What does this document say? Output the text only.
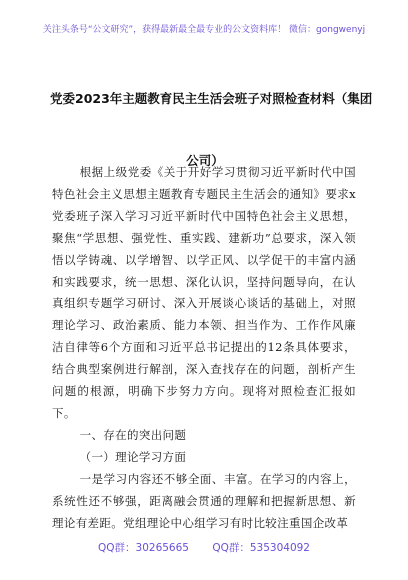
关注头条号“公文研究”，获得最新最全最专业的公文资料库！ 微信：gongwenyj
党委2023年主题教育民主生活会班子对照检查材料（集团
公司）

根据上级党委《关于开好学习贯彻习近平新时代中国特色社会主义思想主题教育专题民主生活会的通知》要求x党委班子深入学习习近平新时代中国特色社会主义思想，聚焦“学思想、强党性、重实践、建新功”总要求，深入领悟以学铸魂、以学增智、以学正风、以学促干的丰富内涵和实践要求，统一思想、深化认识，坚持问题导向，在认真组织专题学习研讨、深入开展谈心谈话的基础上，对照理论学习、政治素质、能力本领、担当作为、工作作风廉洁自律等6个方面和习近平总书记提出的12条具体要求，结合典型案例进行解剖，深入查找存在的问题，剖析产生问题的根源，明确下步努力方向。现将对照检查汇报如下。

一、存在的突出问题

（一）理论学习方面

一是学习内容还不够全面、丰富。在学习的内容上，系统性还不够强，距离融会贯通的理解和把握新思想、新理论有差距。党组理论中心组学习有时比较注重国企改革

QQ群：30265665 QQ群：535304092
